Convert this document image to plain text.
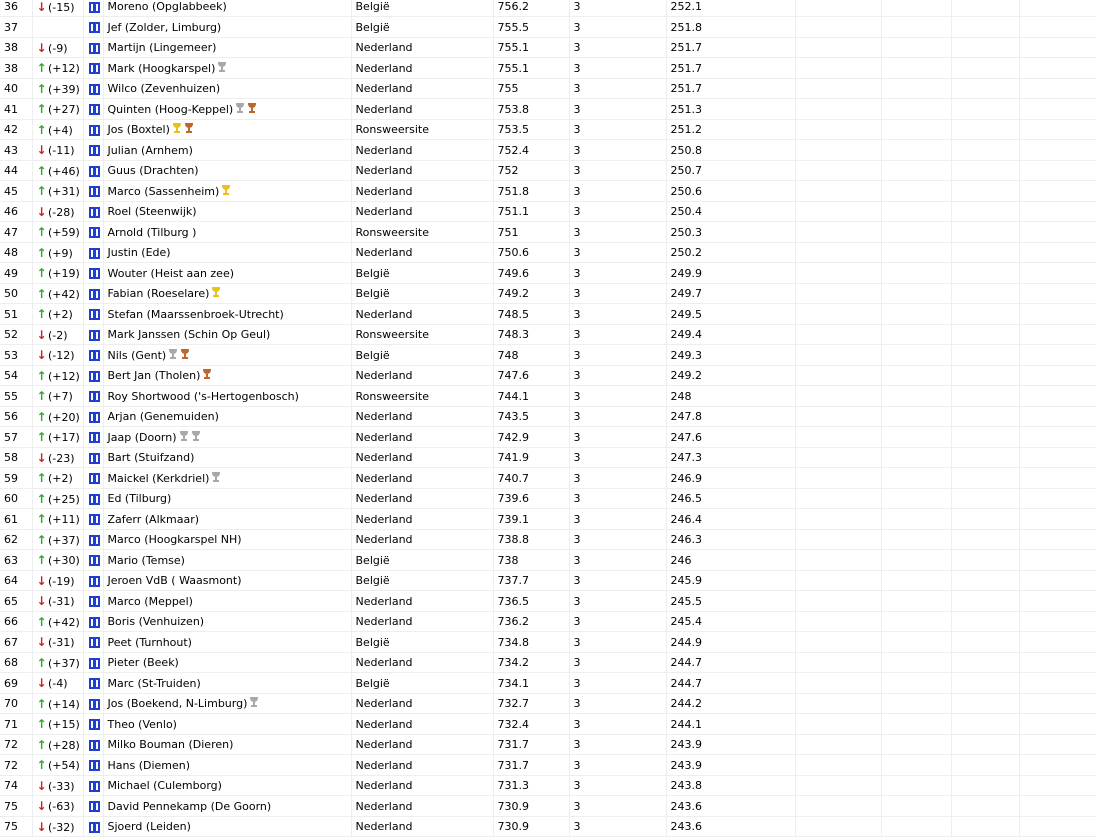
36	↓ (-15)		Moreno (Opglabbeek)	België	756.2	3	252.1				
37			Jef (Zolder, Limburg)	België	755.5	3	251.8				
38	↓ (-9)		Martijn (Lingemeer)	Nederland	755.1	3	251.7				
38	↑ (+12)		Mark (Hoogkarspel)	Nederland	755.1	3	251.7				
40	↑ (+39)		Wilco (Zevenhuizen)	Nederland	755	3	251.7				
41	↑ (+27)		Quinten (Hoog-Keppel)	Nederland	753.8	3	251.3				
42	↑ (+4)		Jos (Boxtel)	Ronsweersite	753.5	3	251.2				
43	↓ (-11)		Julian (Arnhem)	Nederland	752.4	3	250.8				
44	↑ (+46)		Guus (Drachten)	Nederland	752	3	250.7				
45	↑ (+31)		Marco (Sassenheim)	Nederland	751.8	3	250.6				
46	↓ (-28)		Roel (Steenwijk)	Nederland	751.1	3	250.4				
47	↑ (+59)		Arnold (Tilburg )	Ronsweersite	751	3	250.3				
48	↑ (+9)		Justin (Ede)	Nederland	750.6	3	250.2				
49	↑ (+19)		Wouter (Heist aan zee)	België	749.6	3	249.9				
50	↑ (+42)		Fabian (Roeselare)	België	749.2	3	249.7				
51	↑ (+2)		Stefan (Maarssenbroek-Utrecht)	Nederland	748.5	3	249.5				
52	↓ (-2)		Mark Janssen (Schin Op Geul)	Ronsweersite	748.3	3	249.4				
53	↓ (-12)		Nils (Gent)	België	748	3	249.3				
54	↑ (+12)		Bert Jan (Tholen)	Nederland	747.6	3	249.2				
55	↑ (+7)		Roy Shortwood ('s-Hertogenbosch)	Ronsweersite	744.1	3	248				
56	↑ (+20)		Arjan (Genemuiden)	Nederland	743.5	3	247.8				
57	↑ (+17)		Jaap (Doorn)	Nederland	742.9	3	247.6				
58	↓ (-23)		Bart (Stuifzand)	Nederland	741.9	3	247.3				
59	↑ (+2)		Maickel (Kerkdriel)	Nederland	740.7	3	246.9				
60	↑ (+25)		Ed (Tilburg)	Nederland	739.6	3	246.5				
61	↑ (+11)		Zaferr (Alkmaar)	Nederland	739.1	3	246.4				
62	↑ (+37)		Marco (Hoogkarspel NH)	Nederland	738.8	3	246.3				
63	↑ (+30)		Mario (Temse)	België	738	3	246				
64	↓ (-19)		Jeroen VdB ( Waasmont)	België	737.7	3	245.9				
65	↓ (-31)		Marco (Meppel)	Nederland	736.5	3	245.5				
66	↑ (+42)		Boris (Venhuizen)	Nederland	736.2	3	245.4				
67	↓ (-31)		Peet (Turnhout)	België	734.8	3	244.9				
68	↑ (+37)		Pieter (Beek)	Nederland	734.2	3	244.7				
69	↓ (-4)		Marc (St-Truiden)	België	734.1	3	244.7				
70	↑ (+14)		Jos (Boekend, N-Limburg)	Nederland	732.7	3	244.2				
71	↑ (+15)		Theo (Venlo)	Nederland	732.4	3	244.1				
72	↑ (+28)		Milko Bouman (Dieren)	Nederland	731.7	3	243.9				
72	↑ (+54)		Hans (Diemen)	Nederland	731.7	3	243.9				
74	↓ (-33)		Michael (Culemborg)	Nederland	731.3	3	243.8				
75	↓ (-63)		David Pennekamp (De Goorn)	Nederland	730.9	3	243.6				
75	↓ (-32)		Sjoerd (Leiden)	Nederland	730.9	3	243.6				
